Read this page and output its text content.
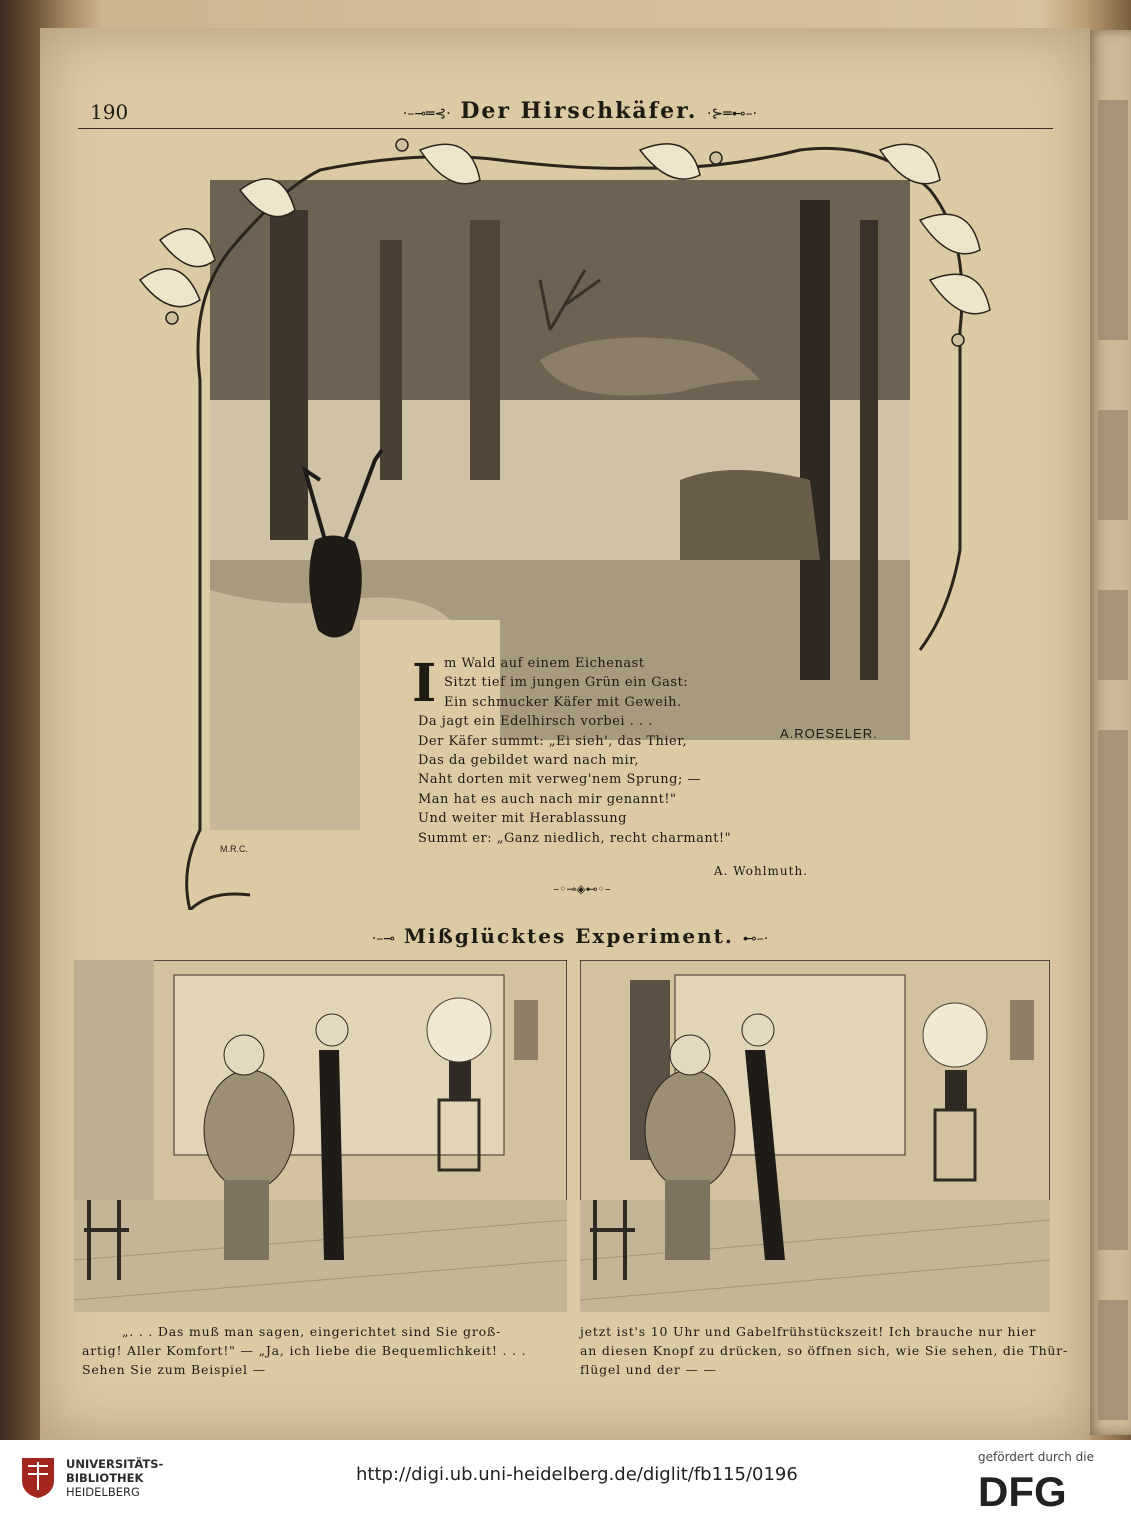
190	·–⊸═⊰· Der Hirschkäfer. ·⊱═⊷–·
A.ROESELER.
M.R.C.
I m Wald auf einem Eichenast
Sitzt tief im jungen Grün ein Gast:
Ein schmucker Käfer mit Geweih.
Da jagt ein Edelhirsch vorbei . . .
Der Käfer summt: „Ei sieh', das Thier,
Das da gebildet ward nach mir,
Naht dorten mit verweg'nem Sprung; —
Man hat es auch nach mir genannt!"
Und weiter mit Herablassung
Summt er: „Ganz niedlich, recht charmant!"
A. Wohlmuth.
–◦⊸◈⊷◦–
·–⊸ Mißglücktes Experiment. ⊷–·
„. . . Das muß man sagen, eingerichtet sind Sie groß-
artig! Aller Komfort!" — „Ja, ich liebe die Bequemlichkeit! . . .
Sehen Sie zum Beispiel —
jetzt ist's 10 Uhr und Gabelfrühstückszeit! Ich brauche nur hier
an diesen Knopf zu drücken, so öffnen sich, wie Sie sehen, die Thür-
flügel und der — —
UNIVERSITÄTS-
BIBLIOTHEK
HEIDELBERG
http://digi.ub.uni-heidelberg.de/diglit/fb115/0196
gefördert durch die
DFG
